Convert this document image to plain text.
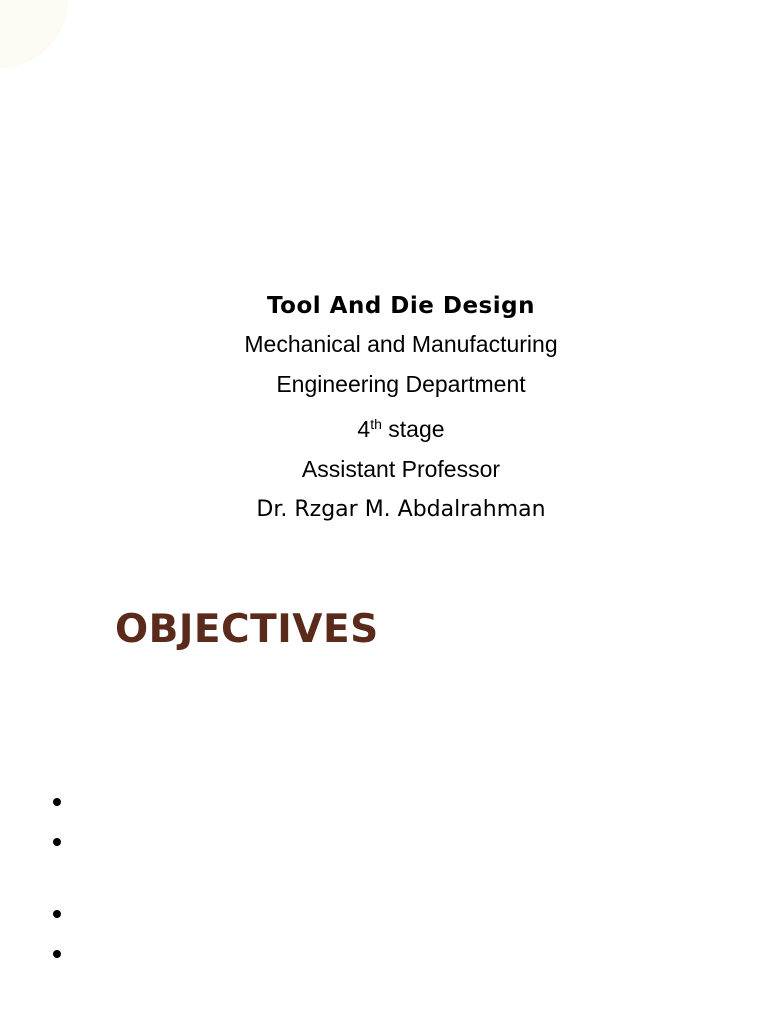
Tool And Die Design

Mechanical and Manufacturing

Engineering Department

4th stage

Assistant Professor

Dr. Rzgar M. Abdalrahman

OBJECTIVES
